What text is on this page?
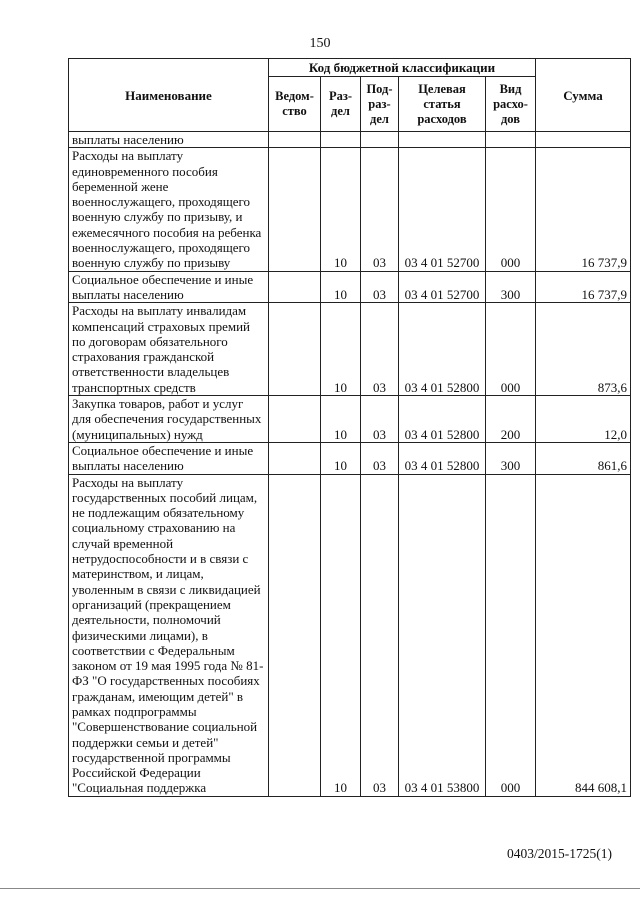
150
Наименование	Код бюджетной классификации					Сумма
	Ведом-ство	Раз-дел	Под-раз-дел	Целевая статья расходов	Вид расхо-дов	
выплаты населению						
Расходы на выплату единовременного пособия беременной жене военнослужащего, проходящего военную службу по призыву, и ежемесячного пособия на ребенка военнослужащего, проходящего военную службу по призыву		10	03	03 4 01 52700	000	16 737,9
Социальное обеспечение и иные выплаты населению		10	03	03 4 01 52700	300	16 737,9
Расходы на выплату инвалидам компенсаций страховых премий по договорам обязательного страхования гражданской ответственности владельцев транспортных средств		10	03	03 4 01 52800	000	873,6
Закупка товаров, работ и услуг для обеспечения государственных (муниципальных) нужд		10	03	03 4 01 52800	200	12,0
Социальное обеспечение и иные выплаты населению		10	03	03 4 01 52800	300	861,6
Расходы на выплату государственных пособий лицам, не подлежащим обязательному социальному страхованию на случай временной нетрудоспособности и в связи с материнством, и лицам, уволенным в связи с ликвидацией организаций (прекращением деятельности, полномочий физическими лицами), в соответствии с Федеральным законом от 19 мая 1995 года № 81-ФЗ "О государственных пособиях гражданам, имеющим детей" в рамках подпрограммы "Совершенствование социальной поддержки семьи и детей" государственной программы Российской Федерации "Социальная поддержка		10	03	03 4 01 53800	000	844 608,1
0403/2015-1725(1)
